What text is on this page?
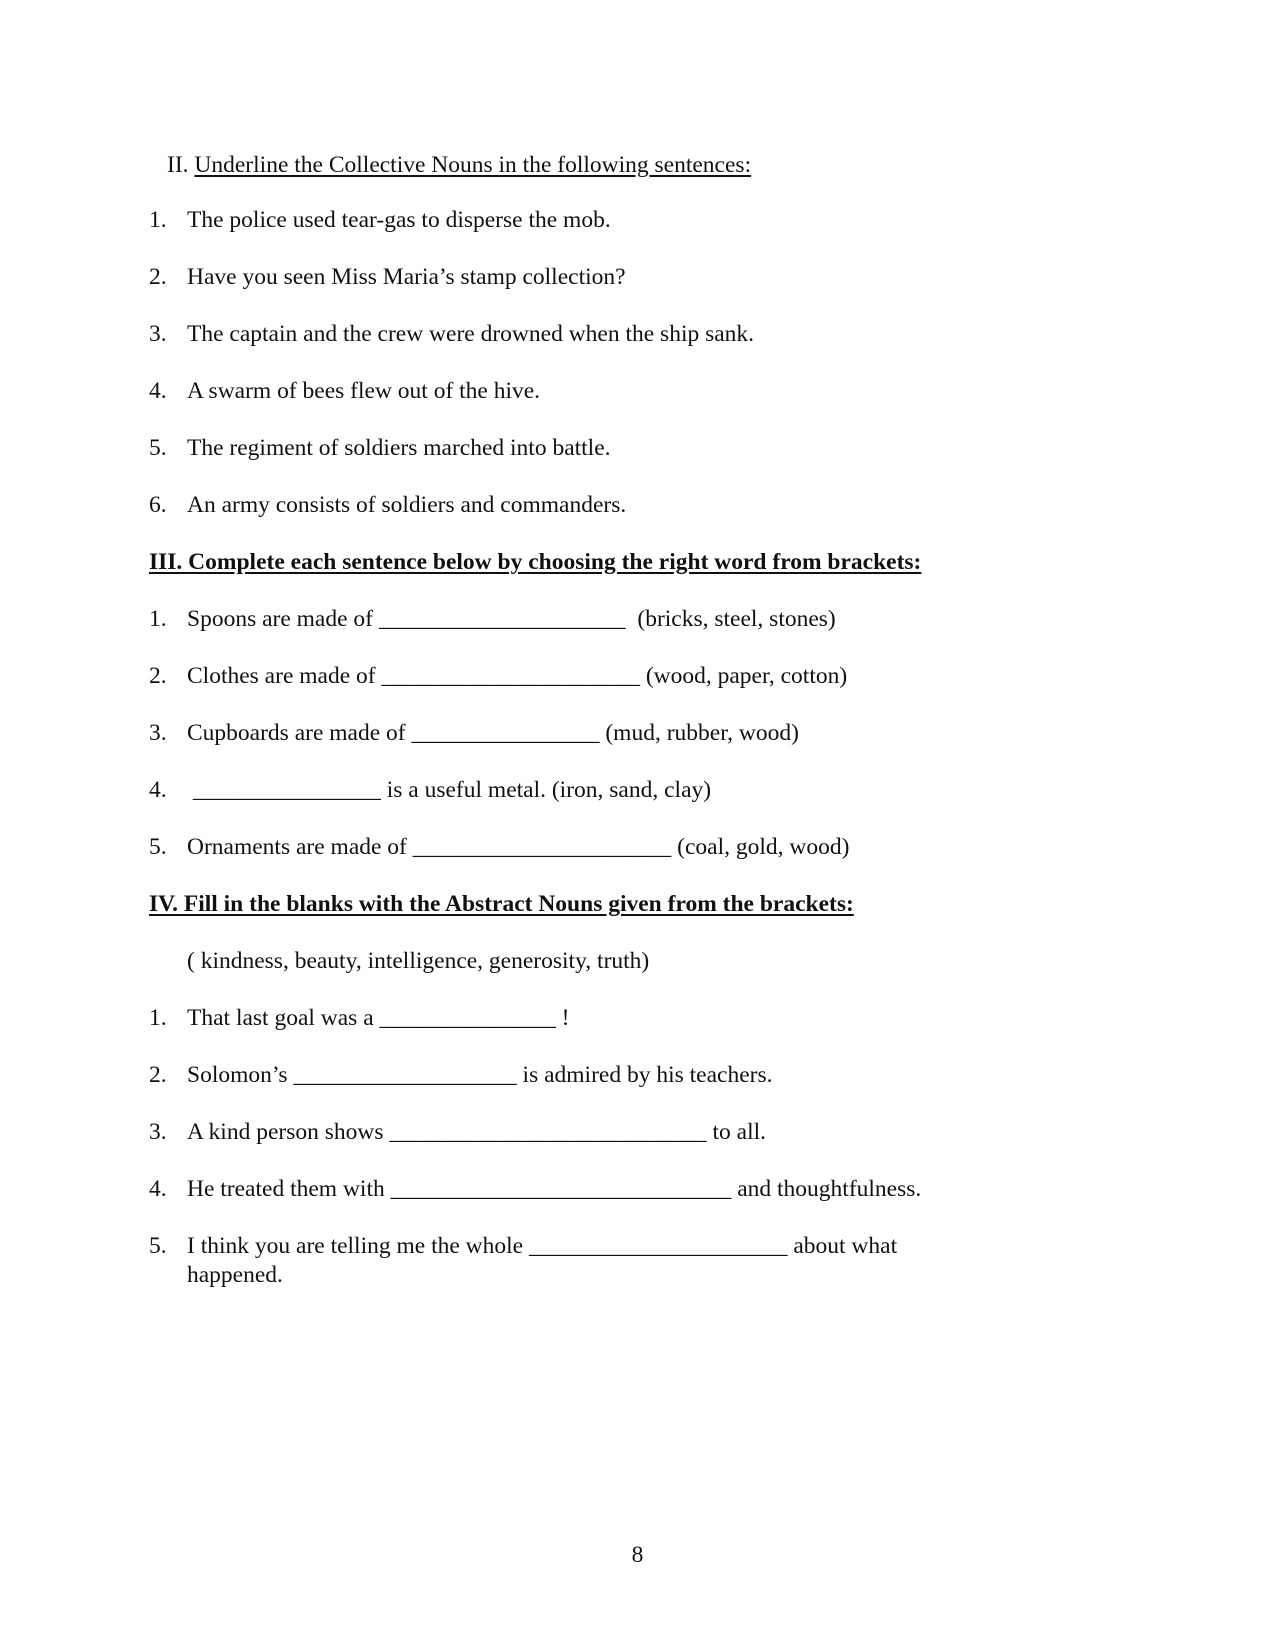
II. Underline the Collective Nouns in the following sentences:
1. The police used tear-gas to disperse the mob.
2. Have you seen Miss Maria’s stamp collection?
3. The captain and the crew were drowned when the ship sank.
4. A swarm of bees flew out of the hive.
5. The regiment of soldiers marched into battle.
6. An army consists of soldiers and commanders.
III. Complete each sentence below by choosing the right word from brackets:
1. Spoons are made of _____________________  (bricks, steel, stones)
2. Clothes are made of ______________________ (wood, paper, cotton)
3. Cupboards are made of ________________ (mud, rubber, wood)
4. ________________ is a useful metal. (iron, sand, clay)
5. Ornaments are made of ______________________ (coal, gold, wood)
IV. Fill in the blanks with the Abstract Nouns given from the brackets:
( kindness, beauty, intelligence, generosity, truth)
1. That last goal was a _______________ !
2. Solomon’s ___________________ is admired by his teachers.
3. A kind person shows ___________________________ to all.
4. He treated them with _____________________________ and thoughtfulness.
5. I think you are telling me the whole ______________________ about what
happened.
8
